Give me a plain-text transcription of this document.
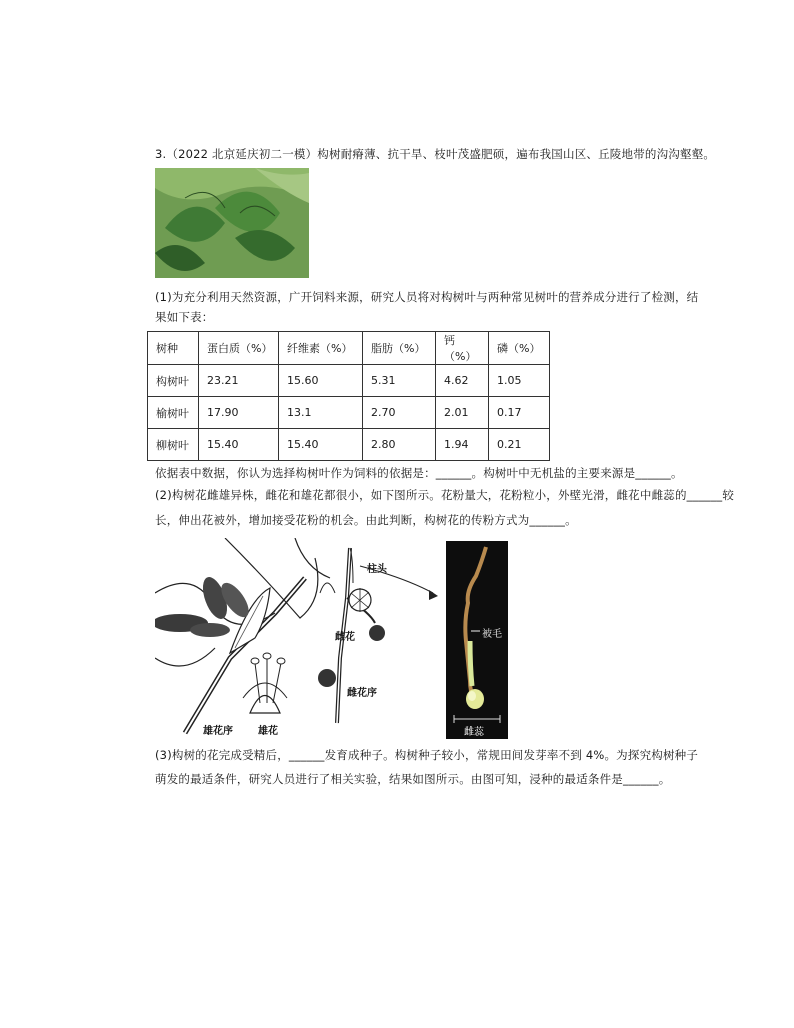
3.（2022 北京延庆初二一模）构树耐瘠薄、抗干旱、枝叶茂盛肥硕，遍布我国山区、丘陵地带的沟沟壑壑。
(1)为充分利用天然资源，广开饲料来源，研究人员将对构树叶与两种常见树叶的营养成分进行了检测，结
果如下表：
树种	蛋白质（%）	纤维素（%）	脂肪（%）	钙（%）	磷（%）
构树叶	23.21	15.60	5.31	4.62	1.05
榆树叶	17.90	13.1	2.70	2.01	0.17
柳树叶	15.40	15.40	2.80	1.94	0.21
依据表中数据，你认为选择构树叶作为饲料的依据是：______。构树叶中无机盐的主要来源是______。
(2)构树花雌雄异株，雌花和雄花都很小，如下图所示。花粉量大，花粉粒小，外壁光滑，雌花中雌蕊的______较
长，伸出花被外，增加接受花粉的机会。由此判断，构树花的传粉方式为______。
柱头
雌花
雌花序
雄花序	雄花
被毛
雌蕊
(3)构树的花完成受精后，______发育成种子。构树种子较小，常规田间发芽率不到 4%。为探究构树种子
萌发的最适条件，研究人员进行了相关实验，结果如图所示。由图可知，浸种的最适条件是______。
